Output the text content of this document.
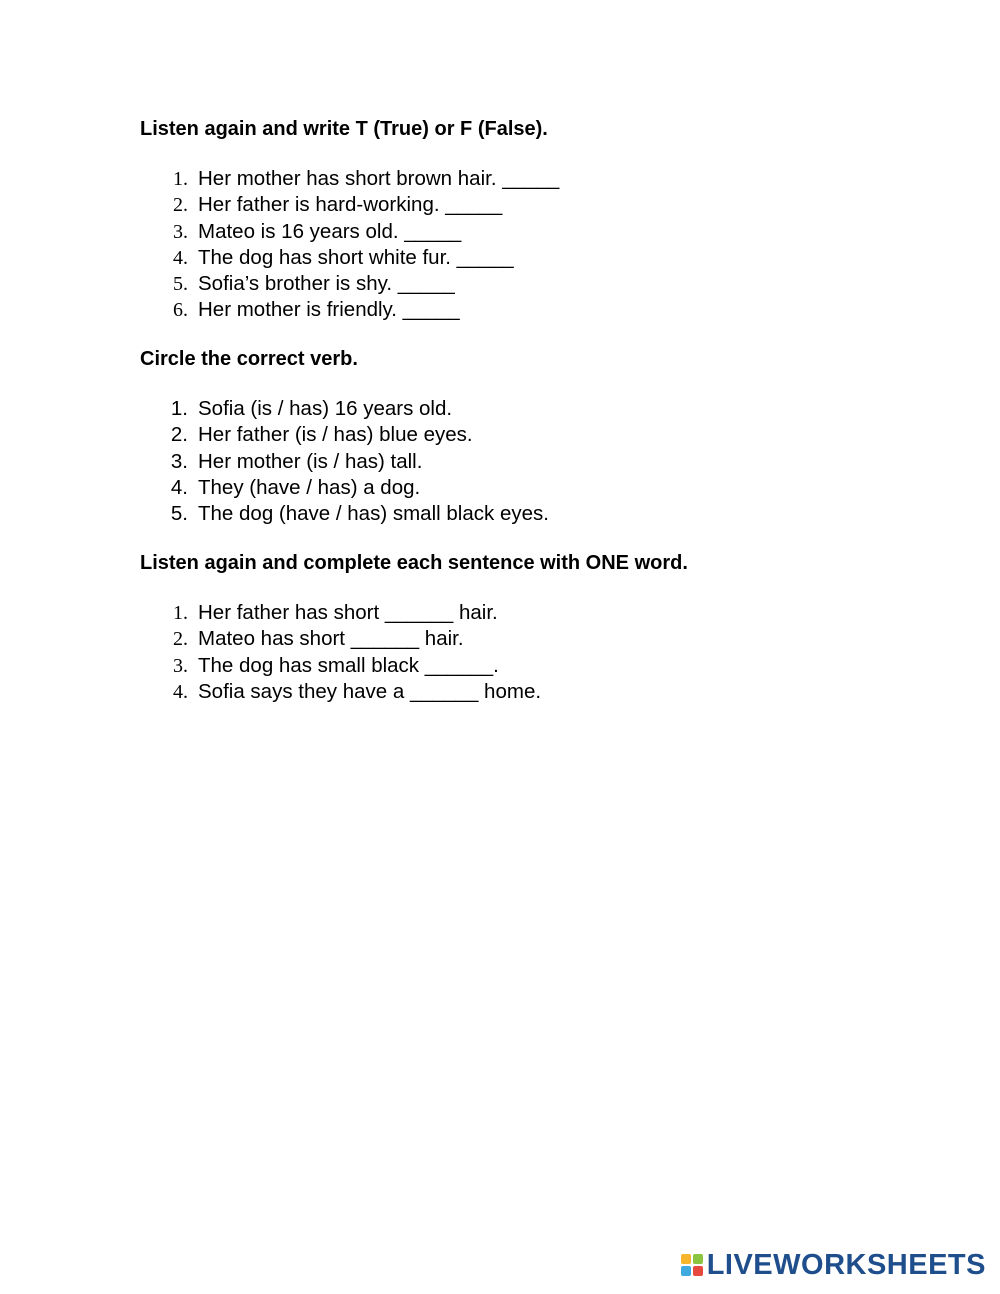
Listen again and write T (True) or F (False).
1. Her mother has short brown hair. _____
2. Her father is hard-working. _____
3. Mateo is 16 years old. _____
4. The dog has short white fur. _____
5. Sofia’s brother is shy. _____
6. Her mother is friendly. _____
Circle the correct verb.
1. Sofia (is / has) 16 years old.
2. Her father (is / has) blue eyes.
3. Her mother (is / has) tall.
4. They (have / has) a dog.
5. The dog (have / has) small black eyes.
Listen again and complete each sentence with ONE word.
1. Her father has short ______ hair.
2. Mateo has short ______ hair.
3. The dog has small black ______.
4. Sofia says they have a ______ home.
LIVEWORKSHEETS
